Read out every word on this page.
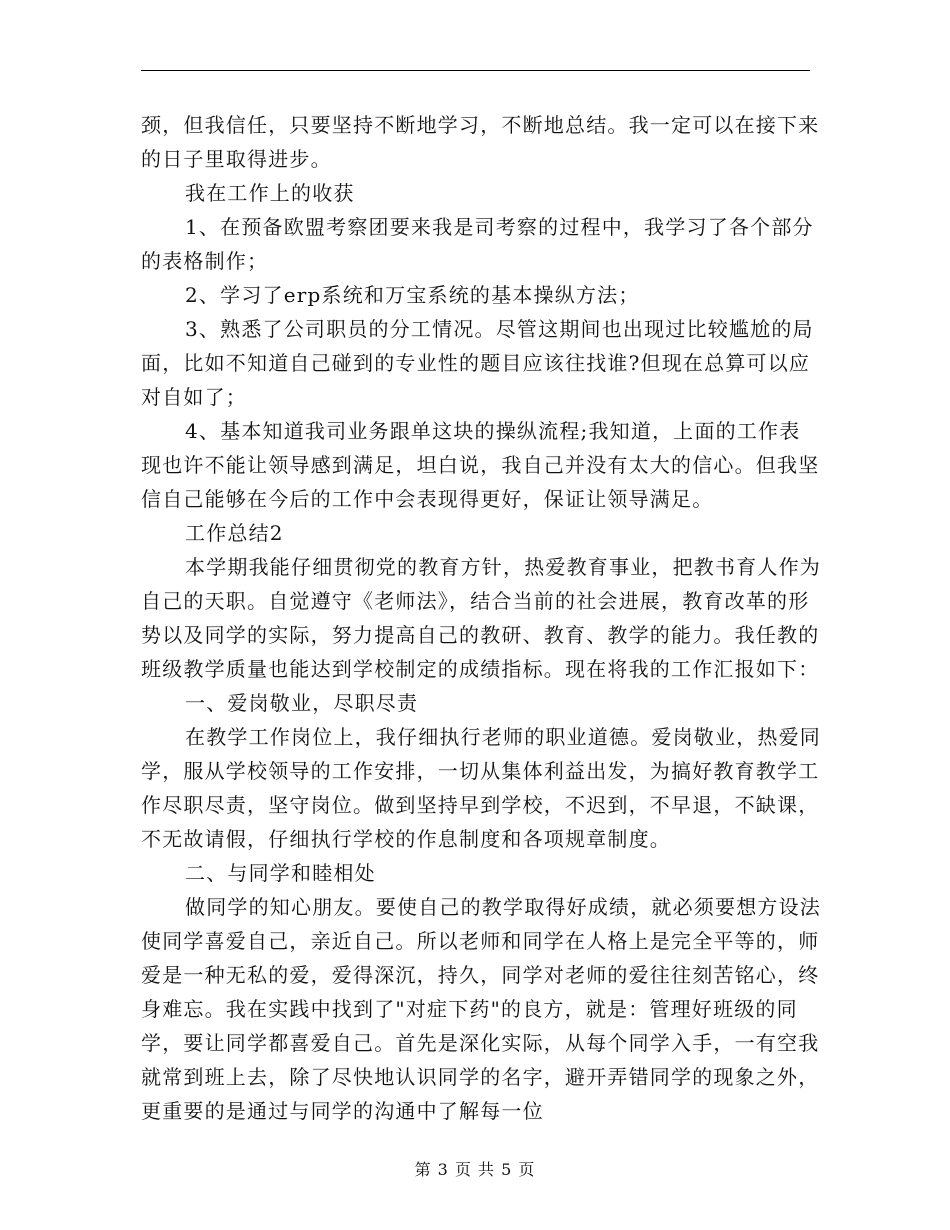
颈，但我信任，只要坚持不断地学习，不断地总结。我一定可以在接下来的日子里取得进步。

我在工作上的收获

1、在预备欧盟考察团要来我是司考察的过程中，我学习了各个部分的表格制作；

2、学习了erp系统和万宝系统的基本操纵方法；

3、熟悉了公司职员的分工情况。尽管这期间也出现过比较尴尬的局面，比如不知道自己碰到的专业性的题目应该往找谁?但现在总算可以应对自如了；

4、基本知道我司业务跟单这块的操纵流程;我知道，上面的工作表现也许不能让领导感到满足，坦白说，我自己并没有太大的信心。但我坚信自己能够在今后的工作中会表现得更好，保证让领导满足。

工作总结2

本学期我能仔细贯彻党的教育方针，热爱教育事业，把教书育人作为自己的天职。自觉遵守《老师法》，结合当前的社会进展，教育改革的形势以及同学的实际，努力提高自己的教研、教育、教学的能力。我任教的班级教学质量也能达到学校制定的成绩指标。现在将我的工作汇报如下：

一、爱岗敬业，尽职尽责

在教学工作岗位上，我仔细执行老师的职业道德。爱岗敬业，热爱同学，服从学校领导的工作安排，一切从集体利益出发，为搞好教育教学工作尽职尽责，坚守岗位。做到坚持早到学校，不迟到，不早退，不缺课，不无故请假，仔细执行学校的作息制度和各项规章制度。

二、与同学和睦相处

做同学的知心朋友。要使自己的教学取得好成绩，就必须要想方设法使同学喜爱自己，亲近自己。所以老师和同学在人格上是完全平等的，师爱是一种无私的爱，爱得深沉，持久，同学对老师的爱往往刻苦铭心，终身难忘。我在实践中找到了"对症下药"的良方，就是：管理好班级的同学，要让同学都喜爱自己。首先是深化实际，从每个同学入手，一有空我就常到班上去，除了尽快地认识同学的名字，避开弄错同学的现象之外，更重要的是通过与同学的沟通中了解每一位

第 3 页 共 5 页
